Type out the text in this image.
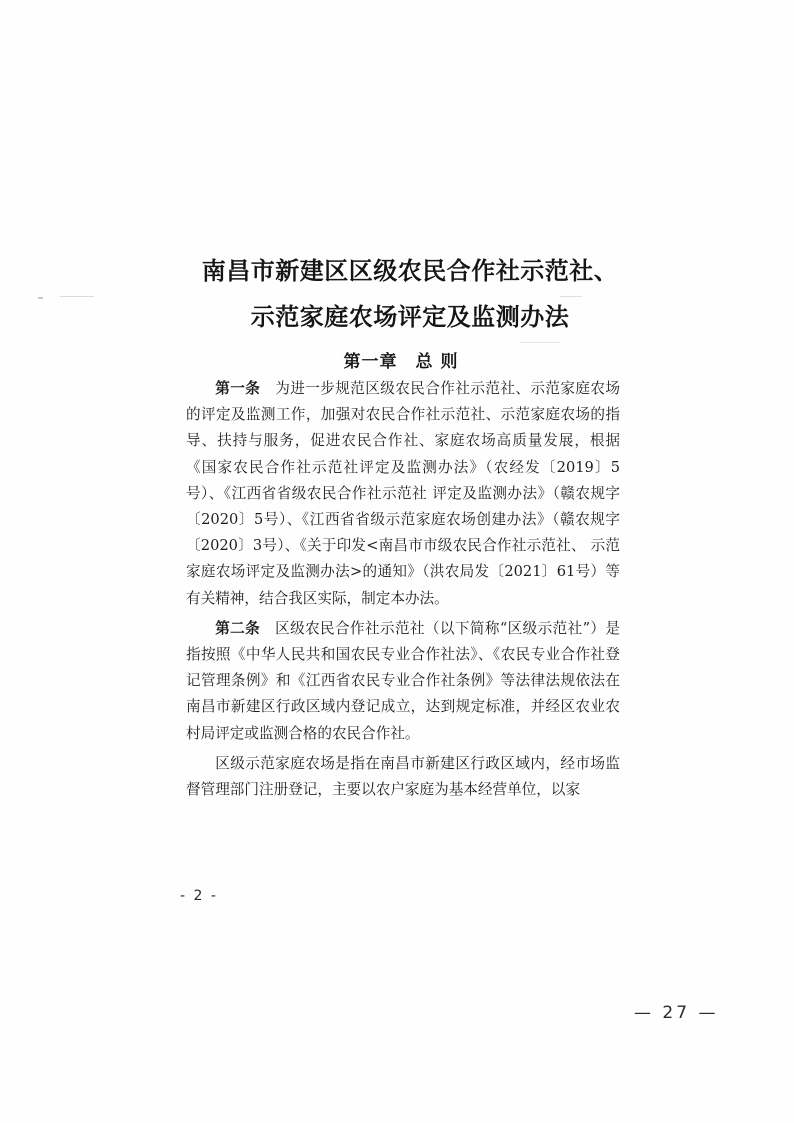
南昌市新建区区级农民合作社示范社、
示范家庭农场评定及监测办法
第一章　总 则

第一条　为进一步规范区级农民合作社示范社、示范家庭农场的评定及监测工作，加强对农民合作社示范社、示范家庭农场的指导、扶持与服务，促进农民合作社、家庭农场高质量发展，根据《国家农民合作社示范社评定及监测办法》（农经发〔2019〕5号）、《江西省省级农民合作社示范社 评定及监测办法》（赣农规字〔2020〕5号）、《江西省省级示范家庭农场创建办法》（赣农规字〔2020〕3号）、《关于印发<南昌市市级农民合作社示范社、 示范家庭农场评定及监测办法>的通知》（洪农局发〔2021〕61号）等有关精神，结合我区实际，制定本办法。

第二条　区级农民合作社示范社（以下简称“区级示范社”）是指按照《中华人民共和国农民专业合作社法》、《农民专业合作社登记管理条例》和《江西省农民专业合作社条例》等法律法规依法在南昌市新建区行政区域内登记成立，达到规定标准，并经区农业农村局评定或监测合格的农民合作社。

区级示范家庭农场是指在南昌市新建区行政区域内，经市场监督管理部门注册登记，主要以农户家庭为基本经营单位，以家

- 2 -
— 27 —
